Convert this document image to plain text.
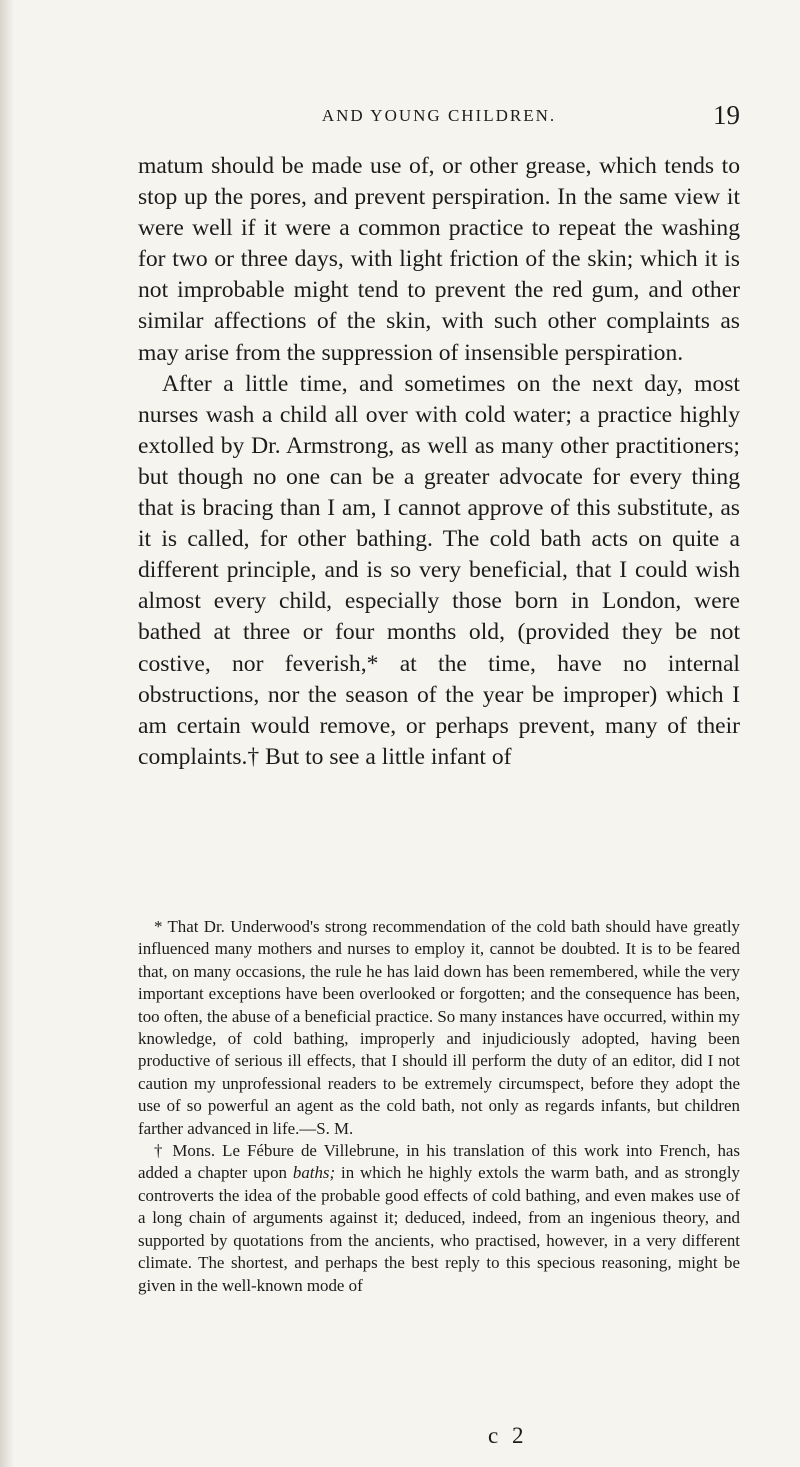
AND YOUNG CHILDREN.	19

matum should be made use of, or other grease, which tends to stop up the pores, and prevent perspiration. In the same view it were well if it were a common practice to repeat the washing for two or three days, with light friction of the skin; which it is not improbable might tend to prevent the red gum, and other similar affections of the skin, with such other complaints as may arise from the suppression of insensible perspiration.

After a little time, and sometimes on the next day, most nurses wash a child all over with cold water; a practice highly extolled by Dr. Armstrong, as well as many other practitioners; but though no one can be a greater advocate for every thing that is bracing than I am, I cannot approve of this substitute, as it is called, for other bathing. The cold bath acts on quite a different principle, and is so very beneficial, that I could wish almost every child, especially those born in London, were bathed at three or four months old, (provided they be not costive, nor feverish,* at the time, have no internal obstructions, nor the season of the year be improper) which I am certain would remove, or perhaps prevent, many of their complaints.† But to see a little infant of

* That Dr. Underwood's strong recommendation of the cold bath should have greatly influenced many mothers and nurses to employ it, cannot be doubted. It is to be feared that, on many occasions, the rule he has laid down has been remembered, while the very important exceptions have been overlooked or forgotten; and the consequence has been, too often, the abuse of a beneficial practice. So many instances have occurred, within my knowledge, of cold bathing, improperly and injudiciously adopted, having been productive of serious ill effects, that I should ill perform the duty of an editor, did I not caution my unprofessional readers to be extremely circumspect, before they adopt the use of so powerful an agent as the cold bath, not only as regards infants, but children farther advanced in life.—S. M.

† Mons. Le Fébure de Villebrune, in his translation of this work into French, has added a chapter upon baths; in which he highly extols the warm bath, and as strongly controverts the idea of the probable good effects of cold bathing, and even makes use of a long chain of arguments against it; deduced, indeed, from an ingenious theory, and supported by quotations from the ancients, who practised, however, in a very different climate. The shortest, and perhaps the best reply to this specious reasoning, might be given in the well-known mode of

c 2
